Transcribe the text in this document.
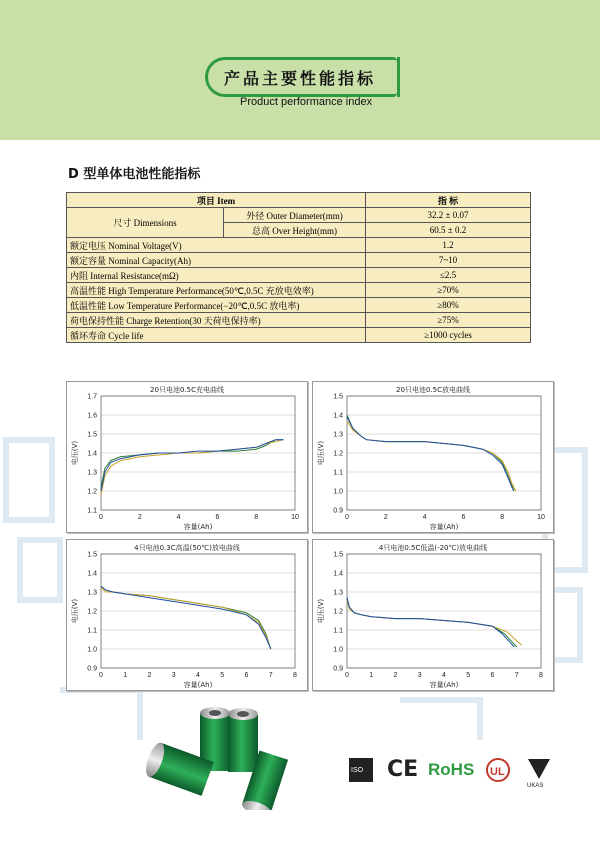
产品主要性能指标
Product performance index
D 型单体电池性能指标
项目 Item		指 标
尺寸 Dimensions	外径 Outer Diameter(mm)	32.2 ± 0.07
	总高 Over Height(mm)	60.5 ± 0.2
额定电压 Nominal Voltage(V)		1.2
额定容量 Nominal Capacity(Ah)		7~10
内阻 Internal Resistance(mΩ)		≤2.5
高温性能 High Temperature Performance(50℃,0.5C 充放电效率)		≥70%
低温性能 Low Temperature Performance(−20℃,0.5C 放电率)		≥80%
荷电保持性能 Charge Retention(30 天荷电保持率)		≥75%
循环寿命 Cycle life		≥1000 cycles
20只电池0.5C充电曲线
1.1
1.2
1.3
1.4
1.5
1.6
1.7
0	2	4	6	8	10
容量(Ah)
电压(V)
20只电池0.5C放电曲线
0.9
1.0
1.1
1.2
1.3
1.4
1.5
0	2	4	6	8	10
容量(Ah)
电压(V)
4只电池0.3C高温(50℃)放电曲线
0.9
1.0
1.1
1.2
1.3
1.4
1.5
0	1	2	3	4	5	6	7	8
容量(Ah)
电压(V)
4只电池0.5C低温(-20℃)放电曲线
0.9
1.0
1.1
1.2
1.3
1.4
1.5
0	1	2	3	4	5	6	7	8
容量(Ah)
电压(V)
ISO CE RoHS UL
UKAS
